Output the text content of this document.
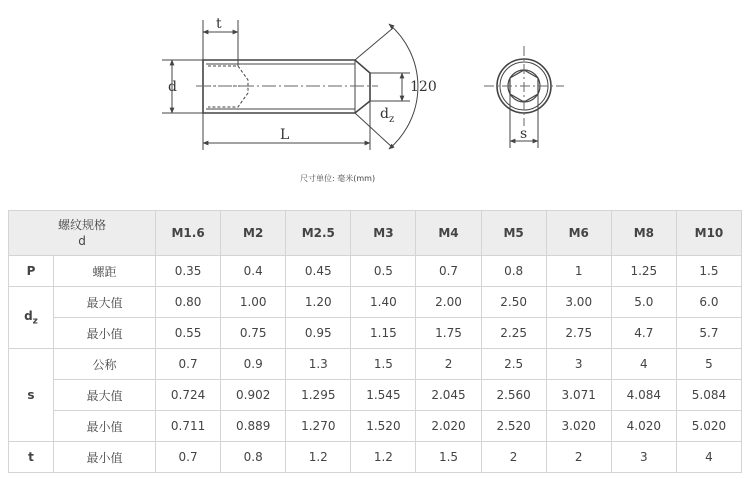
t
d
L
120
$d_z$
s
尺寸单位: 毫米(mm)
螺纹规格
d		M1.6	M2	M2.5	M3	M4	M5	M6	M8	M10
P	螺距	0.35	0.4	0.45	0.5	0.7	0.8	1	1.25	1.5
$d_z$	最大值	0.80	1.00	1.20	1.40	2.00	2.50	3.00	5.0	6.0
	最小值	0.55	0.75	0.95	1.15	1.75	2.25	2.75	4.7	5.7
s	公称	0.7	0.9	1.3	1.5	2	2.5	3	4	5
	最大值	0.724	0.902	1.295	1.545	2.045	2.560	3.071	4.084	5.084
	最小值	0.711	0.889	1.270	1.520	2.020	2.520	3.020	4.020	5.020
t	最小值	0.7	0.8	1.2	1.2	1.5	2	2	3	4
